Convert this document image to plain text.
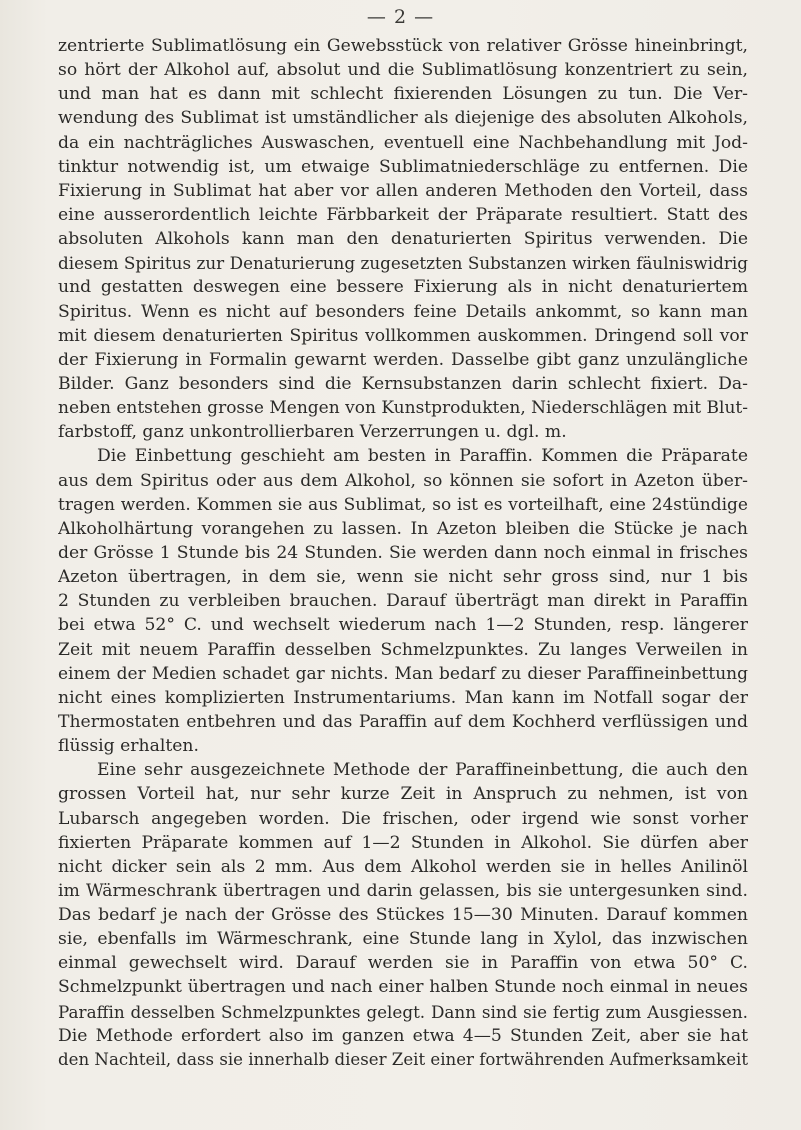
— 2 —
zentrierte Sublimatlösung ein Gewebsstück von relativer Grösse hineinbringt,
so hört der Alkohol auf, absolut und die Sublimatlösung konzentriert zu sein,
und man hat es dann mit schlecht fixierenden Lösungen zu tun. Die Ver-
wendung des Sublimat ist umständlicher als diejenige des absoluten Alkohols,
da ein nachträgliches Auswaschen, eventuell eine Nachbehandlung mit Jod-
tinktur notwendig ist, um etwaige Sublimatniederschläge zu entfernen. Die
Fixierung in Sublimat hat aber vor allen anderen Methoden den Vorteil, dass
eine ausserordentlich leichte Färbbarkeit der Präparate resultiert. Statt des
absoluten Alkohols kann man den denaturierten Spiritus verwenden. Die
diesem Spiritus zur Denaturierung zugesetzten Substanzen wirken fäulniswidrig
und gestatten deswegen eine bessere Fixierung als in nicht denaturiertem
Spiritus. Wenn es nicht auf besonders feine Details ankommt, so kann man
mit diesem denaturierten Spiritus vollkommen auskommen. Dringend soll vor
der Fixierung in Formalin gewarnt werden. Dasselbe gibt ganz unzulängliche
Bilder. Ganz besonders sind die Kernsubstanzen darin schlecht fixiert. Da-
neben entstehen grosse Mengen von Kunstprodukten, Niederschlägen mit Blut-
farbstoff, ganz unkontrollierbaren Verzerrungen u. dgl. m.
Die Einbettung geschieht am besten in Paraffin. Kommen die Präparate
aus dem Spiritus oder aus dem Alkohol, so können sie sofort in Azeton über-
tragen werden. Kommen sie aus Sublimat, so ist es vorteilhaft, eine 24stündige
Alkoholhärtung vorangehen zu lassen. In Azeton bleiben die Stücke je nach
der Grösse 1 Stunde bis 24 Stunden. Sie werden dann noch einmal in frisches
Azeton übertragen, in dem sie, wenn sie nicht sehr gross sind, nur 1 bis
2 Stunden zu verbleiben brauchen. Darauf überträgt man direkt in Paraffin
bei etwa 52° C. und wechselt wiederum nach 1—2 Stunden, resp. längerer
Zeit mit neuem Paraffin desselben Schmelzpunktes. Zu langes Verweilen in
einem der Medien schadet gar nichts. Man bedarf zu dieser Paraffineinbettung
nicht eines komplizierten Instrumentariums. Man kann im Notfall sogar der
Thermostaten entbehren und das Paraffin auf dem Kochherd verflüssigen und
flüssig erhalten.
Eine sehr ausgezeichnete Methode der Paraffineinbettung, die auch den
grossen Vorteil hat, nur sehr kurze Zeit in Anspruch zu nehmen, ist von
Lubarsch angegeben worden. Die frischen, oder irgend wie sonst vorher
fixierten Präparate kommen auf 1—2 Stunden in Alkohol. Sie dürfen aber
nicht dicker sein als 2 mm. Aus dem Alkohol werden sie in helles Anilinöl
im Wärmeschrank übertragen und darin gelassen, bis sie untergesunken sind.
Das bedarf je nach der Grösse des Stückes 15—30 Minuten. Darauf kommen
sie, ebenfalls im Wärmeschrank, eine Stunde lang in Xylol, das inzwischen
einmal gewechselt wird. Darauf werden sie in Paraffin von etwa 50° C.
Schmelzpunkt übertragen und nach einer halben Stunde noch einmal in neues
Paraffin desselben Schmelzpunktes gelegt. Dann sind sie fertig zum Ausgiessen.
Die Methode erfordert also im ganzen etwa 4—5 Stunden Zeit, aber sie hat
den Nachteil, dass sie innerhalb dieser Zeit einer fortwährenden Aufmerksamkeit
